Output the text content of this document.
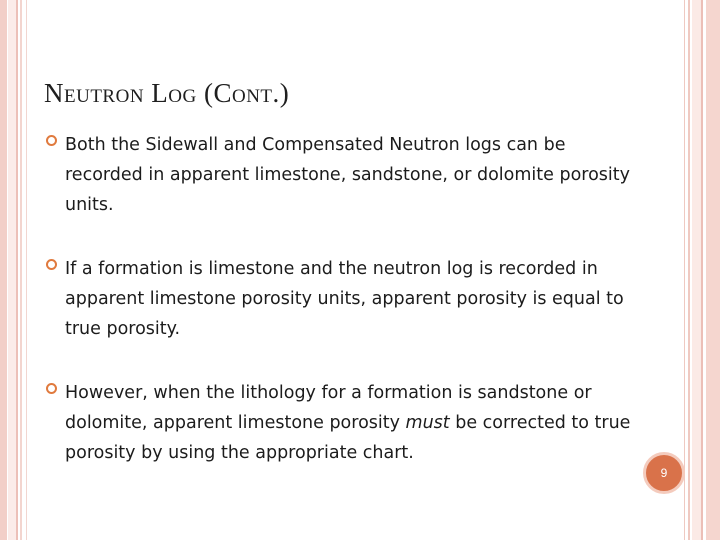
Neutron Log (Cont.)
Both the Sidewall and Compensated Neutron logs can be recorded in apparent limestone, sandstone, or dolomite porosity units.
If a formation is limestone and the neutron log is recorded in apparent limestone porosity units, apparent porosity is equal to true porosity.
However, when the lithology for a formation is sandstone or dolomite, apparent limestone porosity must be corrected to true porosity by using the appropriate chart.
9
